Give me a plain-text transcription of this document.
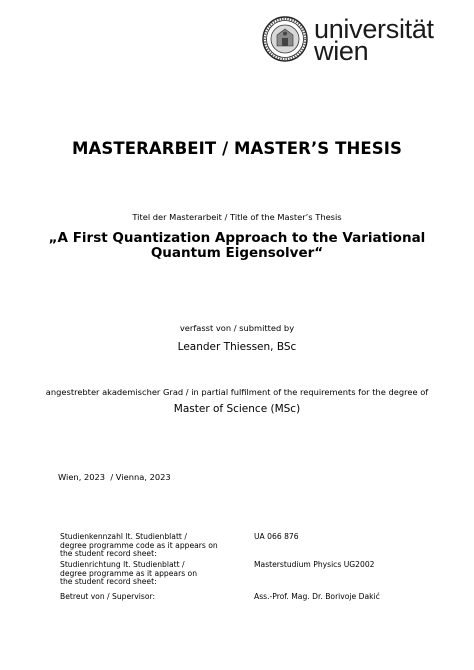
universität
wien
MASTERARBEIT / MASTER’S THESIS
Titel der Masterarbeit / Title of the Master’s Thesis
„A First Quantization Approach to the Variational
Quantum Eigensolver“
verfasst von / submitted by
Leander Thiessen, BSc
angestrebter akademischer Grad / in partial fulfilment of the requirements for the degree of
Master of Science (MSc)
Wien, 2023  / Vienna, 2023
Studienkennzahl lt. Studienblatt /
degree programme code as it appears on
the student record sheet:
UA 066 876
Studienrichtung lt. Studienblatt /
degree programme as it appears on
the student record sheet:
Masterstudium Physics UG2002
Betreut von / Supervisor:	Ass.-Prof. Mag. Dr. Borivoje Dakić
